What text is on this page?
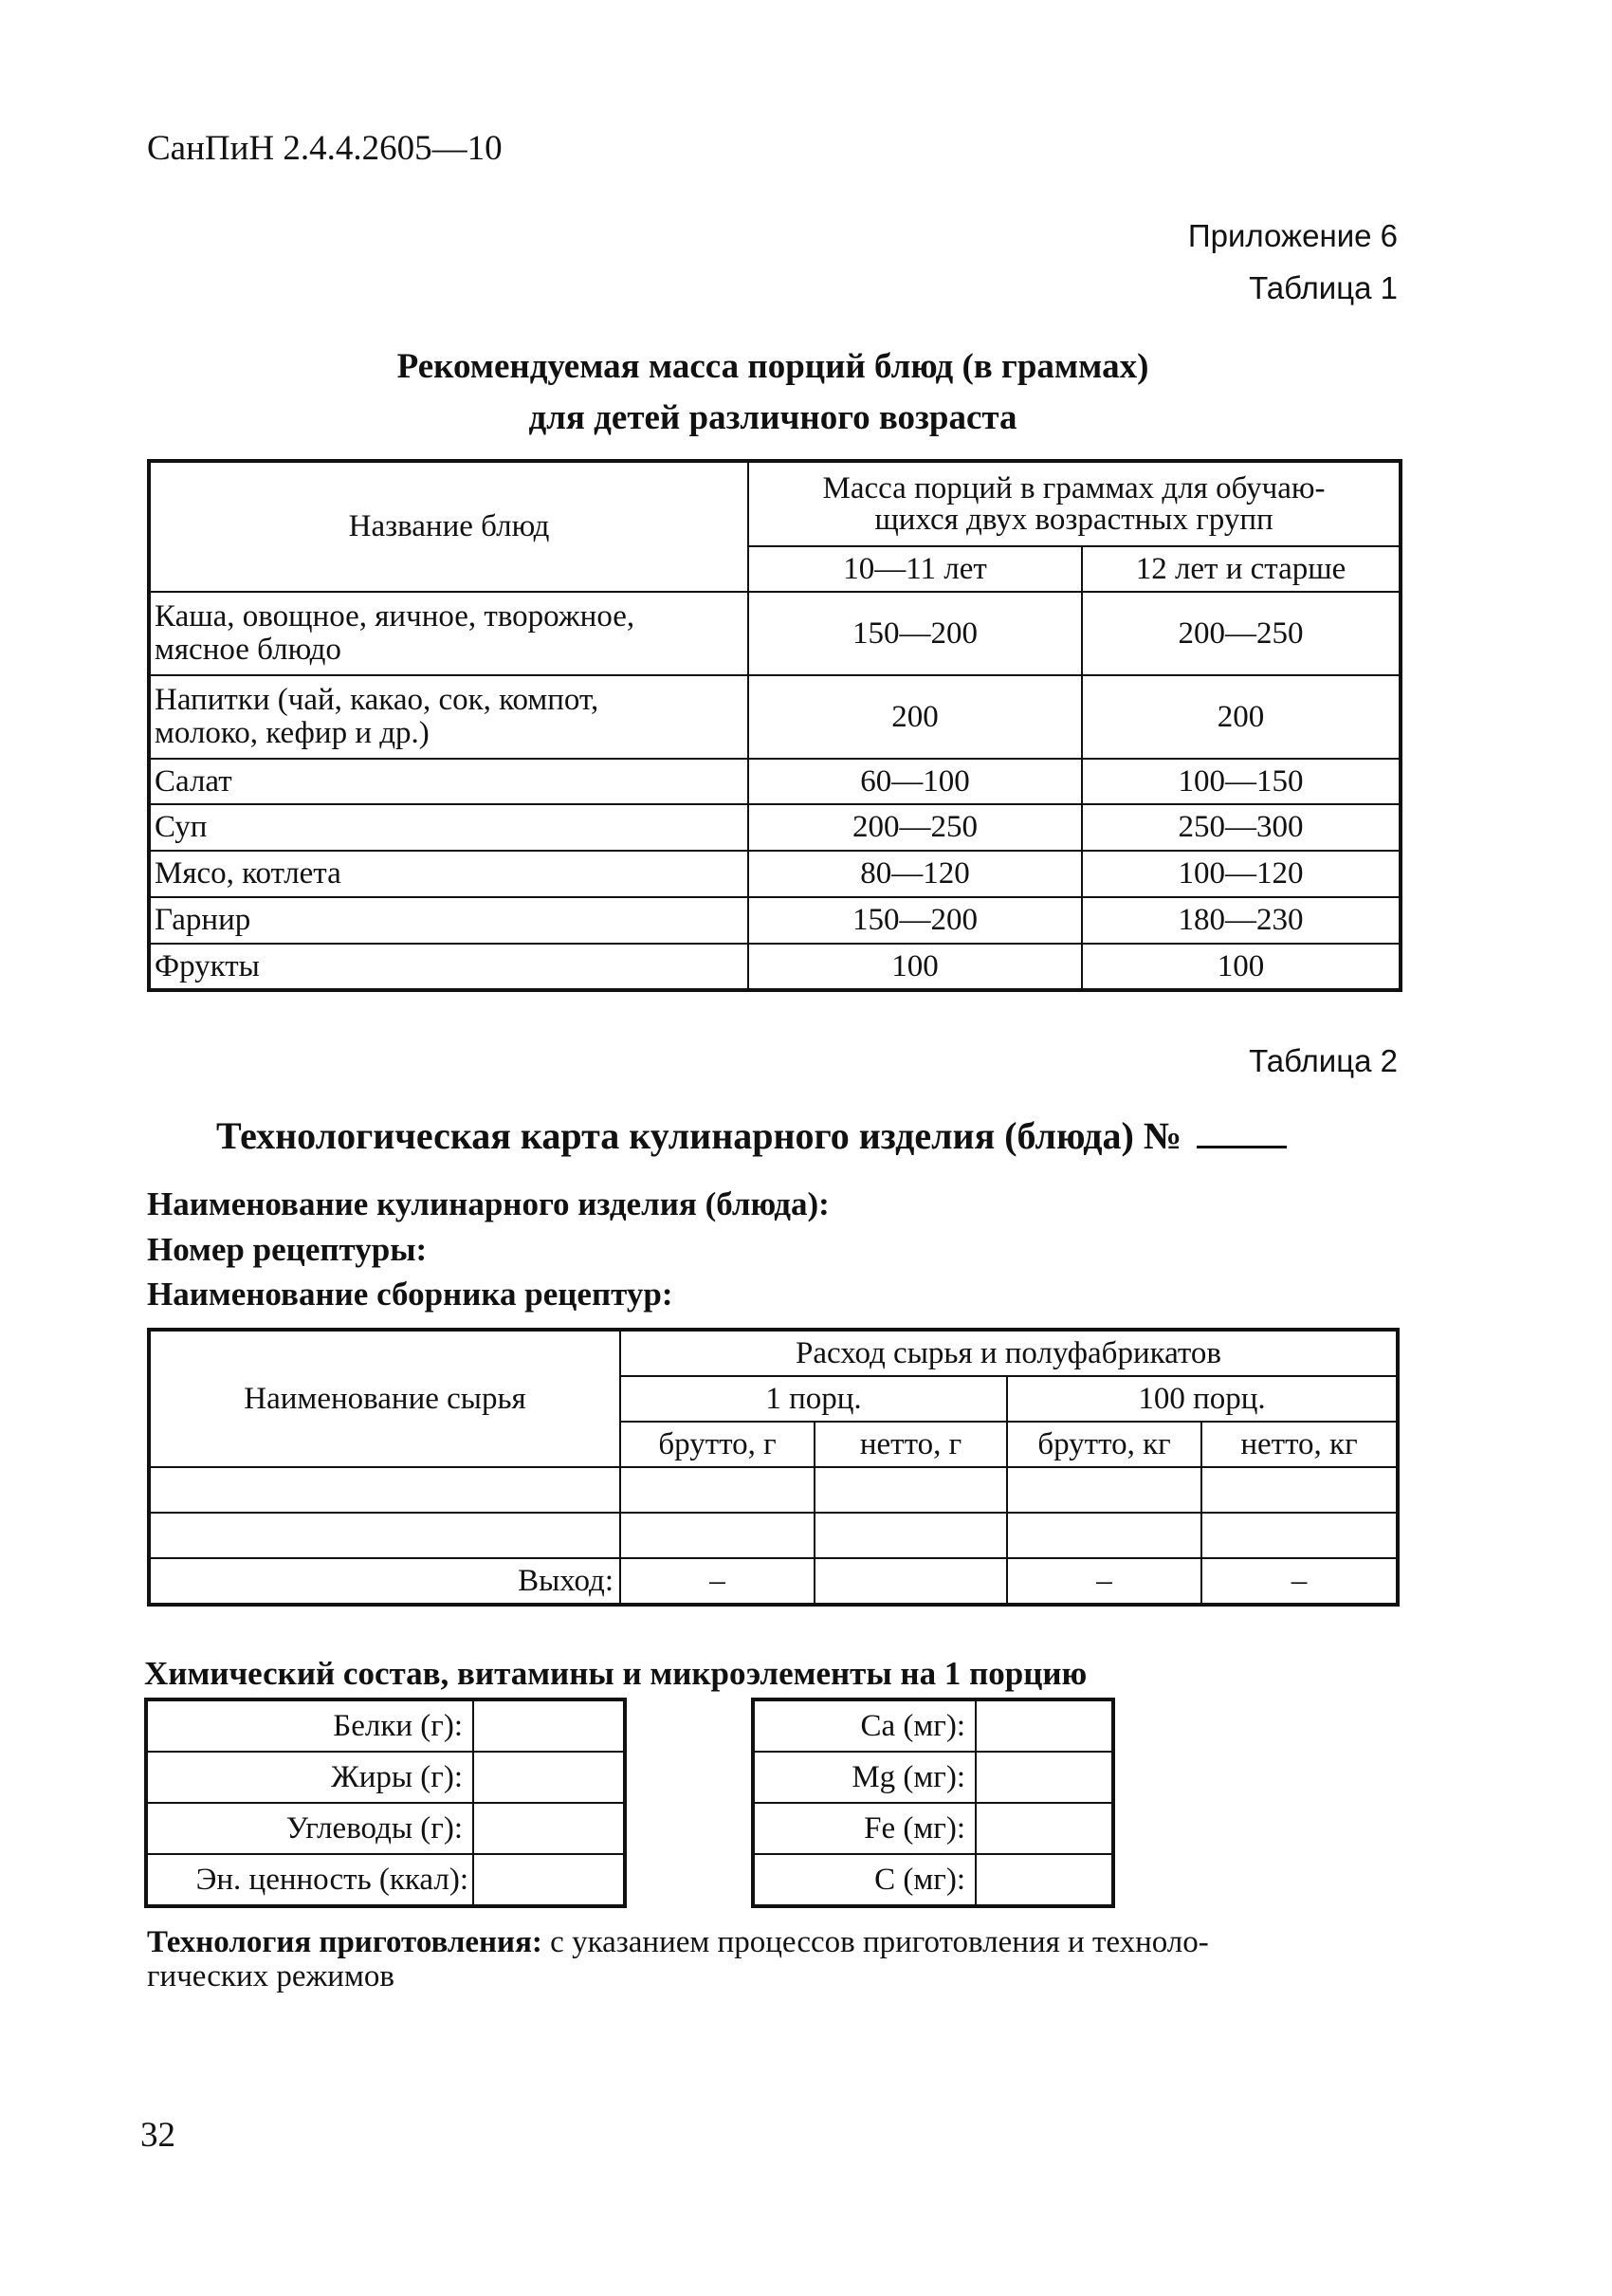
СанПиН 2.4.4.2605—10
Приложение 6
Таблица 1
Рекомендуемая масса порций блюд (в граммах)
для детей различного возраста
Название блюд	Масса порций в граммах для обучаю-
щихся двух возрастных групп	
	10—11 лет	12 лет и старше
Каша, овощное, яичное, творожное,
мясное блюдо	150—200	200—250
Напитки (чай, какао, сок, компот,
молоко, кефир и др.)	200	200
Салат	60—100	100—150
Суп	200—250	250—300
Мясо, котлета	80—120	100—120
Гарнир	150—200	180—230
Фрукты	100	100
Таблица 2
Технологическая карта кулинарного изделия (блюда) №
Наименование кулинарного изделия (блюда):
Номер рецептуры:
Наименование сборника рецептур:
Наименование сырья	Расход сырья и полуфабрикатов			
	1 порц.		100 порц.	
	брутто, г	нетто, г	брутто, кг	нетто, кг

Выход:	–		–	–
Химический состав, витамины и микроэлементы на 1 порцию
Белки (г):	
Жиры (г):	
Углеводы (г):	
Эн. ценность (ккал):	
Ca (мг):	
Mg (мг):	
Fe (мг):	
C (мг):	
Технология приготовления: с указанием процессов приготовления и техноло-
гических режимов
32
